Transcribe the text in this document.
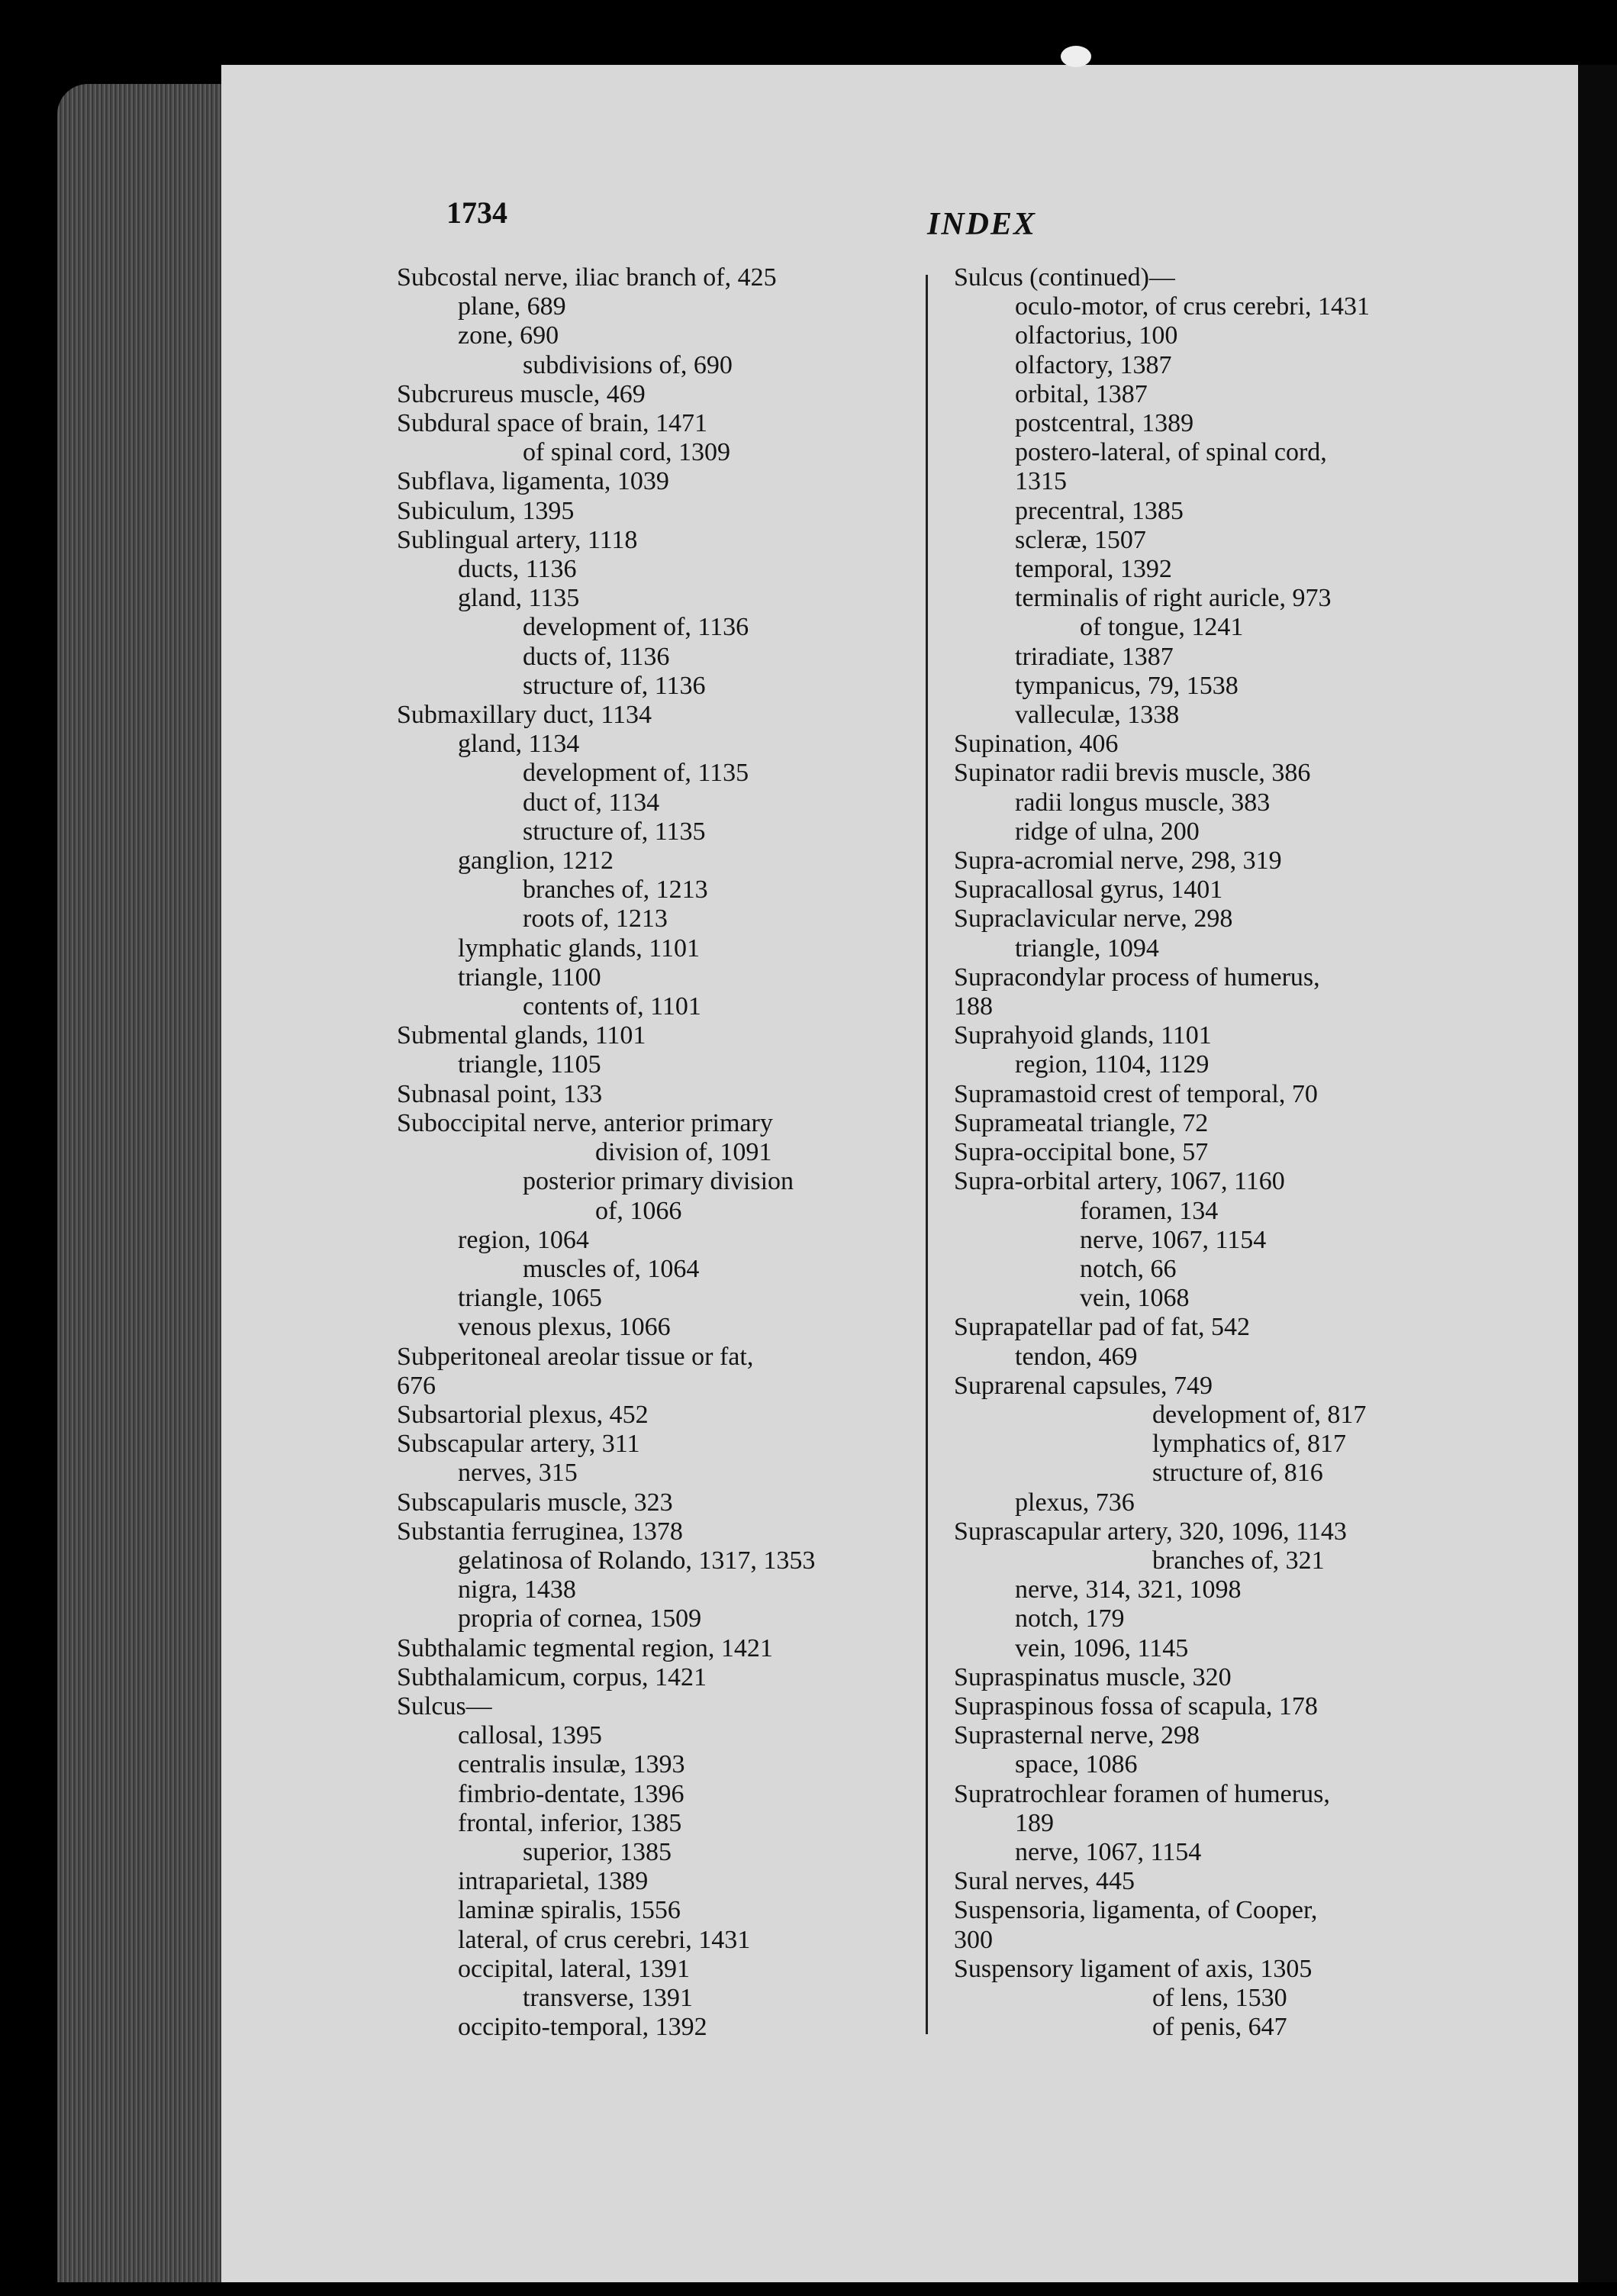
1734	INDEX
Subcostal nerve, iliac branch of, 425
plane, 689
zone, 690
subdivisions of, 690
Subcrureus muscle, 469
Subdural space of brain, 1471
of spinal cord, 1309
Subflava, ligamenta, 1039
Subiculum, 1395
Sublingual artery, 1118
ducts, 1136
gland, 1135
development of, 1136
ducts of, 1136
structure of, 1136
Submaxillary duct, 1134
gland, 1134
development of, 1135
duct of, 1134
structure of, 1135
ganglion, 1212
branches of, 1213
roots of, 1213
lymphatic glands, 1101
triangle, 1100
contents of, 1101
Submental glands, 1101
triangle, 1105
Subnasal point, 133
Suboccipital nerve, anterior primary
division of, 1091
posterior primary division
of, 1066
region, 1064
muscles of, 1064
triangle, 1065
venous plexus, 1066
Subperitoneal areolar tissue or fat,
676
Subsartorial plexus, 452
Subscapular artery, 311
nerves, 315
Subscapularis muscle, 323
Substantia ferruginea, 1378
gelatinosa of Rolando, 1317, 1353
nigra, 1438
propria of cornea, 1509
Subthalamic tegmental region, 1421
Subthalamicum, corpus, 1421
Sulcus—
callosal, 1395
centralis insulæ, 1393
fimbrio-dentate, 1396
frontal, inferior, 1385
superior, 1385
intraparietal, 1389
laminæ spiralis, 1556
lateral, of crus cerebri, 1431
occipital, lateral, 1391
transverse, 1391
occipito-temporal, 1392
Sulcus (continued)—
oculo-motor, of crus cerebri, 1431
olfactorius, 100
olfactory, 1387
orbital, 1387
postcentral, 1389
postero-lateral, of spinal cord,
1315
precentral, 1385
scleræ, 1507
temporal, 1392
terminalis of right auricle, 973
of tongue, 1241
triradiate, 1387
tympanicus, 79, 1538
valleculæ, 1338
Supination, 406
Supinator radii brevis muscle, 386
radii longus muscle, 383
ridge of ulna, 200
Supra-acromial nerve, 298, 319
Supracallosal gyrus, 1401
Supraclavicular nerve, 298
triangle, 1094
Supracondylar process of humerus,
188
Suprahyoid glands, 1101
region, 1104, 1129
Supramastoid crest of temporal, 70
Suprameatal triangle, 72
Supra-occipital bone, 57
Supra-orbital artery, 1067, 1160
foramen, 134
nerve, 1067, 1154
notch, 66
vein, 1068
Suprapatellar pad of fat, 542
tendon, 469
Suprarenal capsules, 749
development of, 817
lymphatics of, 817
structure of, 816
plexus, 736
Suprascapular artery, 320, 1096, 1143
branches of, 321
nerve, 314, 321, 1098
notch, 179
vein, 1096, 1145
Supraspinatus muscle, 320
Supraspinous fossa of scapula, 178
Suprasternal nerve, 298
space, 1086
Supratrochlear foramen of humerus,
189
nerve, 1067, 1154
Sural nerves, 445
Suspensoria, ligamenta, of Cooper,
300
Suspensory ligament of axis, 1305
of lens, 1530
of penis, 647
